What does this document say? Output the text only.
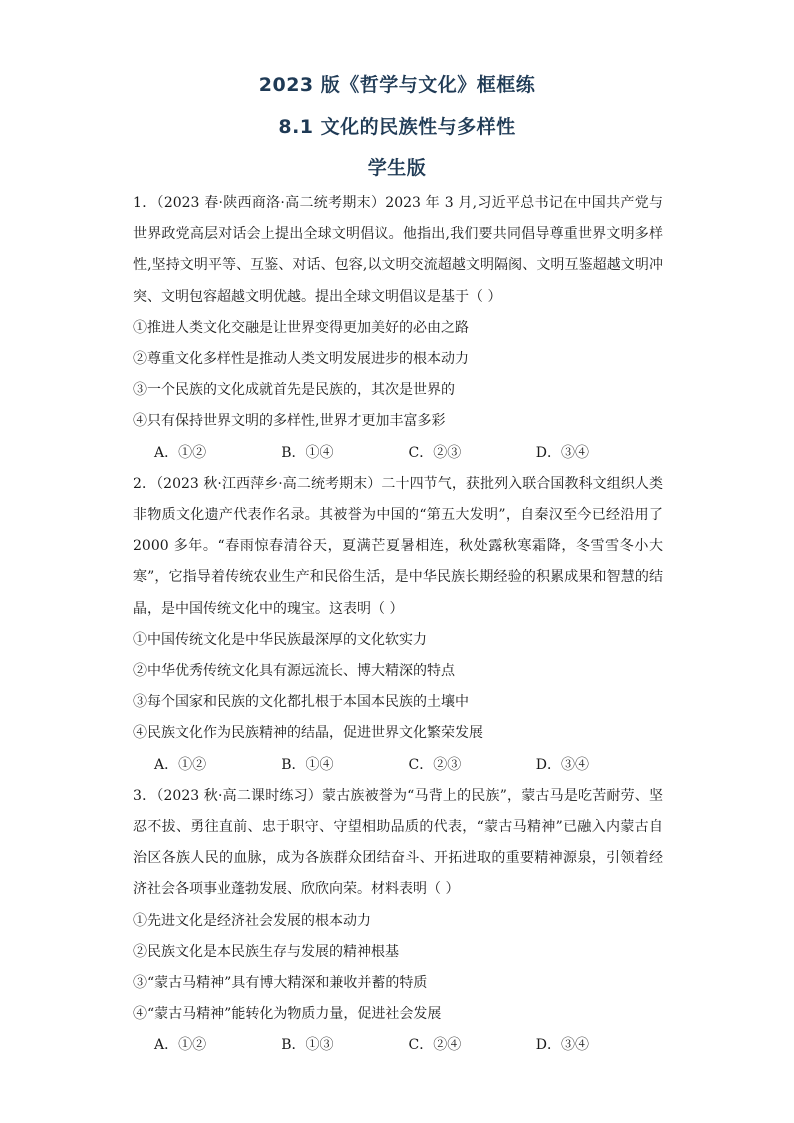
2023 版《哲学与文化》框框练
8.1 文化的民族性与多样性
学生版

1．（2023 春·陕西商洛·高二统考期末）2023 年 3 月,习近平总书记在中国共产党与世界政党高层对话会上提出全球文明倡议。他指出,我们要共同倡导尊重世界文明多样性,坚持文明平等、互鉴、对话、包容,以文明交流超越文明隔阂、文明互鉴超越文明冲突、文明包容超越文明优越。提出全球文明倡议是基于（ ）

①推进人类文化交融是让世界变得更加美好的必由之路

②尊重文化多样性是推动人类文明发展进步的根本动力

③一个民族的文化成就首先是民族的，其次是世界的

④只有保持世界文明的多样性,世界才更加丰富多彩

A．①②	B．①④	C．②③	D．③④

2．（2023 秋·江西萍乡·高二统考期末）二十四节气，获批列入联合国教科文组织人类非物质文化遗产代表作名录。其被誉为中国的“第五大发明”，自秦汉至今已经沿用了 2000 多年。“春雨惊春清谷天，夏满芒夏暑相连，秋处露秋寒霜降，冬雪雪冬小大寒”，它指导着传统农业生产和民俗生活，是中华民族长期经验的积累成果和智慧的结晶，是中国传统文化中的瑰宝。这表明（ ）

①中国传统文化是中华民族最深厚的文化软实力

②中华优秀传统文化具有源远流长、博大精深的特点

③每个国家和民族的文化都扎根于本国本民族的土壤中

④民族文化作为民族精神的结晶，促进世界文化繁荣发展

A．①②	B．①④	C．②③	D．③④

3．（2023 秋·高二课时练习）蒙古族被誉为“马背上的民族”，蒙古马是吃苦耐劳、坚忍不拔、勇往直前、忠于职守、守望相助品质的代表，“蒙古马精神”已融入内蒙古自治区各族人民的血脉，成为各族群众团结奋斗、开拓进取的重要精神源泉，引领着经济社会各项事业蓬勃发展、欣欣向荣。材料表明（ ）

①先进文化是经济社会发展的根本动力

②民族文化是本民族生存与发展的精神根基

③“蒙古马精神”具有博大精深和兼收并蓄的特质

④“蒙古马精神”能转化为物质力量，促进社会发展

A．①②	B．①③	C．②④	D．③④
